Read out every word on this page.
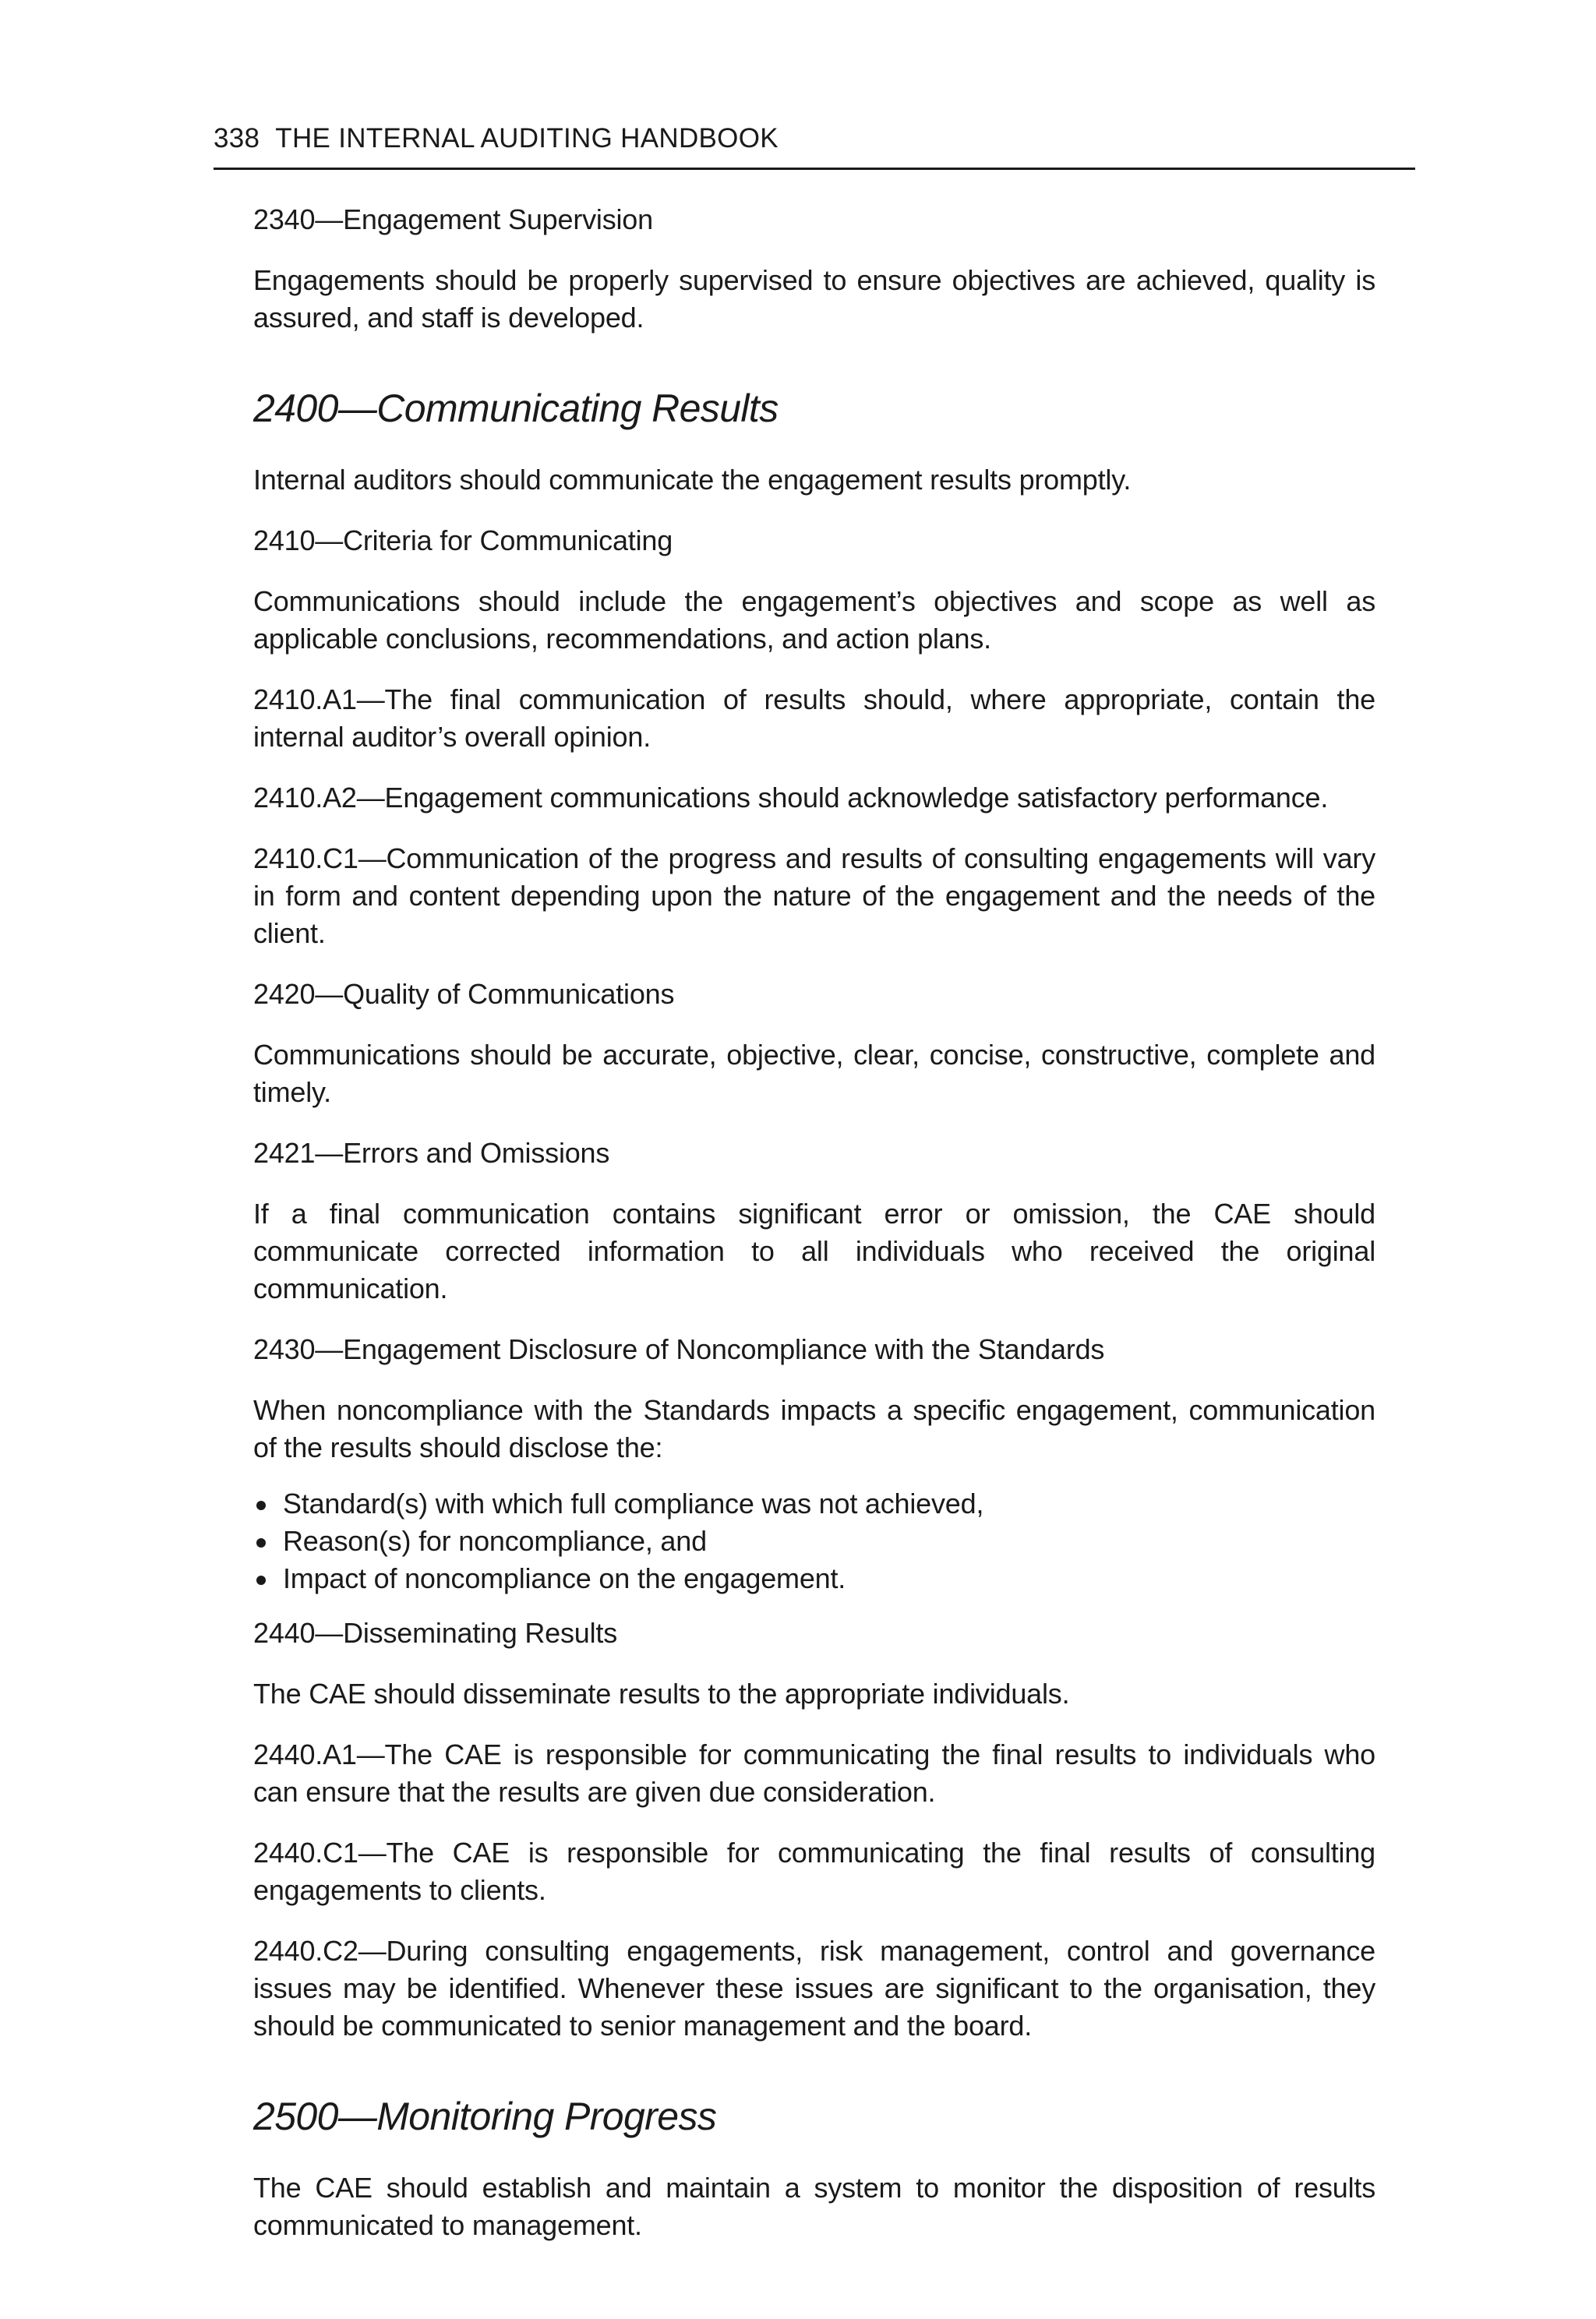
338 THE INTERNAL AUDITING HANDBOOK

2340—Engagement Supervision

Engagements should be properly supervised to ensure objectives are achieved, quality is assured, and staff is developed.

2400—Communicating Results

Internal auditors should communicate the engagement results promptly.

2410—Criteria for Communicating

Communications should include the engagement’s objectives and scope as well as applicable conclusions, recommendations, and action plans.

2410.A1—The final communication of results should, where appropriate, contain the internal auditor’s overall opinion.

2410.A2—Engagement communications should acknowledge satisfactory performance.

2410.C1—Communication of the progress and results of consulting engagements will vary in form and content depending upon the nature of the engagement and the needs of the client.

2420—Quality of Communications

Communications should be accurate, objective, clear, concise, constructive, complete and timely.

2421—Errors and Omissions

If a final communication contains significant error or omission, the CAE should communicate corrected information to all individuals who received the original communication.

2430—Engagement Disclosure of Noncompliance with the Standards

When noncompliance with the Standards impacts a specific engagement, communication of the results should disclose the:

Standard(s) with which full compliance was not achieved,
Reason(s) for noncompliance, and
Impact of noncompliance on the engagement.

2440—Disseminating Results

The CAE should disseminate results to the appropriate individuals.

2440.A1—The CAE is responsible for communicating the final results to individuals who can ensure that the results are given due consideration.

2440.C1—The CAE is responsible for communicating the final results of consulting engagements to clients.

2440.C2—During consulting engagements, risk management, control and governance issues may be identified. Whenever these issues are significant to the organisation, they should be communicated to senior management and the board.

2500—Monitoring Progress

The CAE should establish and maintain a system to monitor the disposition of results communicated to management.
